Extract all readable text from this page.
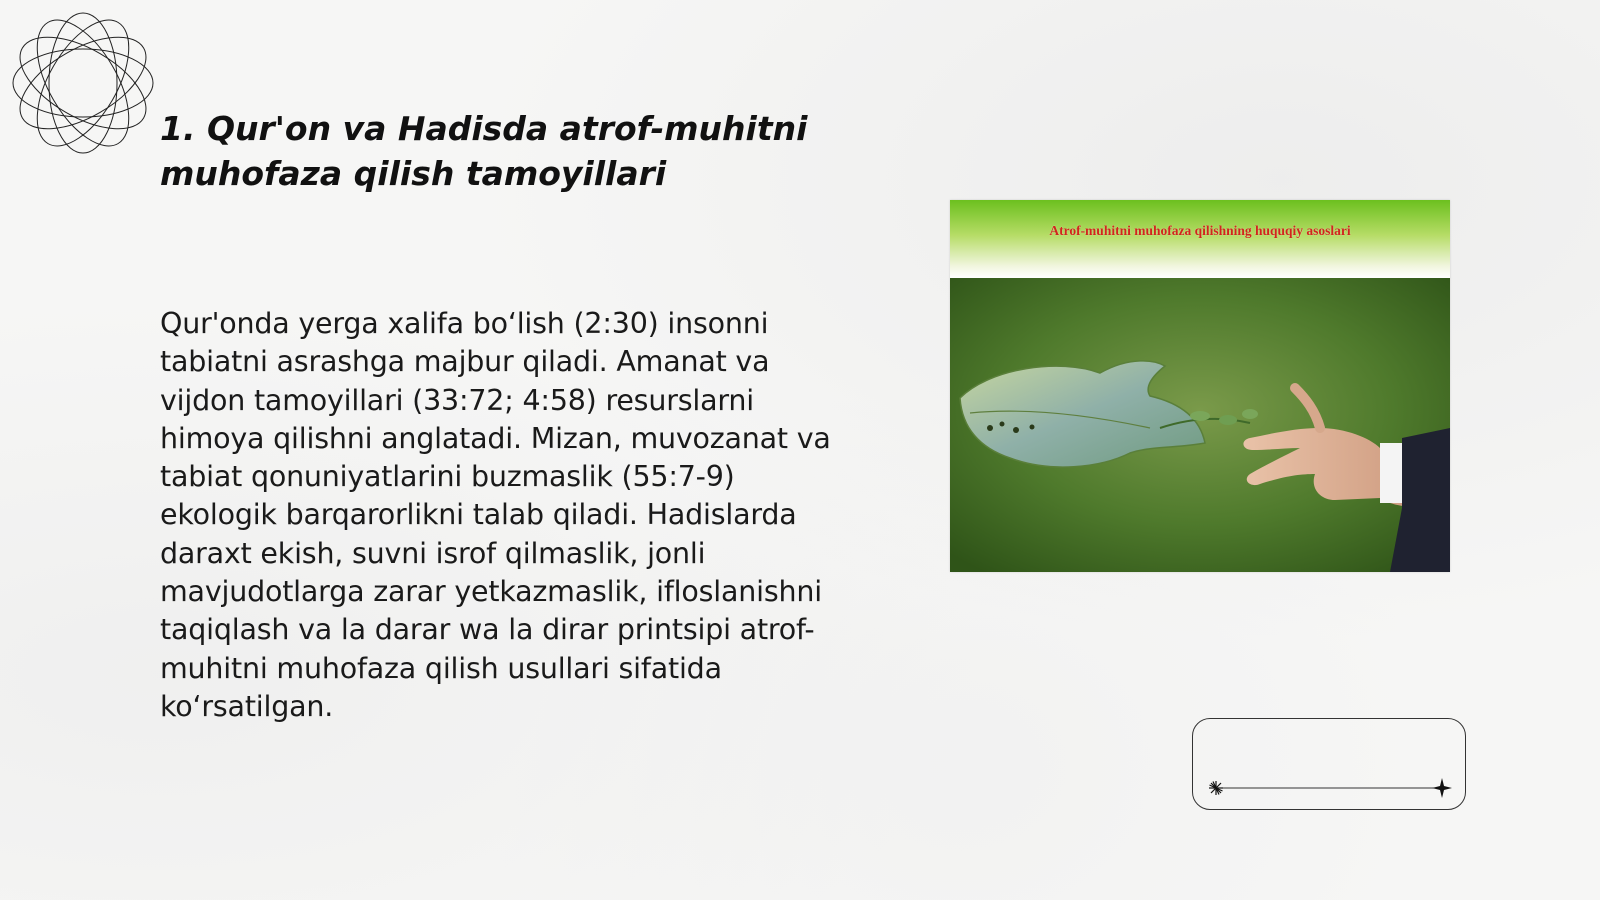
1. Qur'on va Hadisda atrof-muhitni muhofaza qilish tamoyillari

Qur'onda yerga xalifa bo‘lish (2:30) insonni tabiatni asrashga majbur qiladi. Amanat va vijdon tamoyillari (33:72; 4:58) resurslarni himoya qilishni anglatadi. Mizan, muvozanat va tabiat qonuniyatlarini buzmaslik (55:7-9) ekologik barqarorlikni talab qiladi. Hadislarda daraxt ekish, suvni isrof qilmaslik, jonli mavjudotlarga zarar yetkazmaslik, ifloslanishni taqiqlash va la darar wa la dirar printsipi atrof-muhitni muhofaza qilish usullari sifatida ko‘rsatilgan.

Atrof-muhitni muhofaza qilishning huquqiy asoslari
